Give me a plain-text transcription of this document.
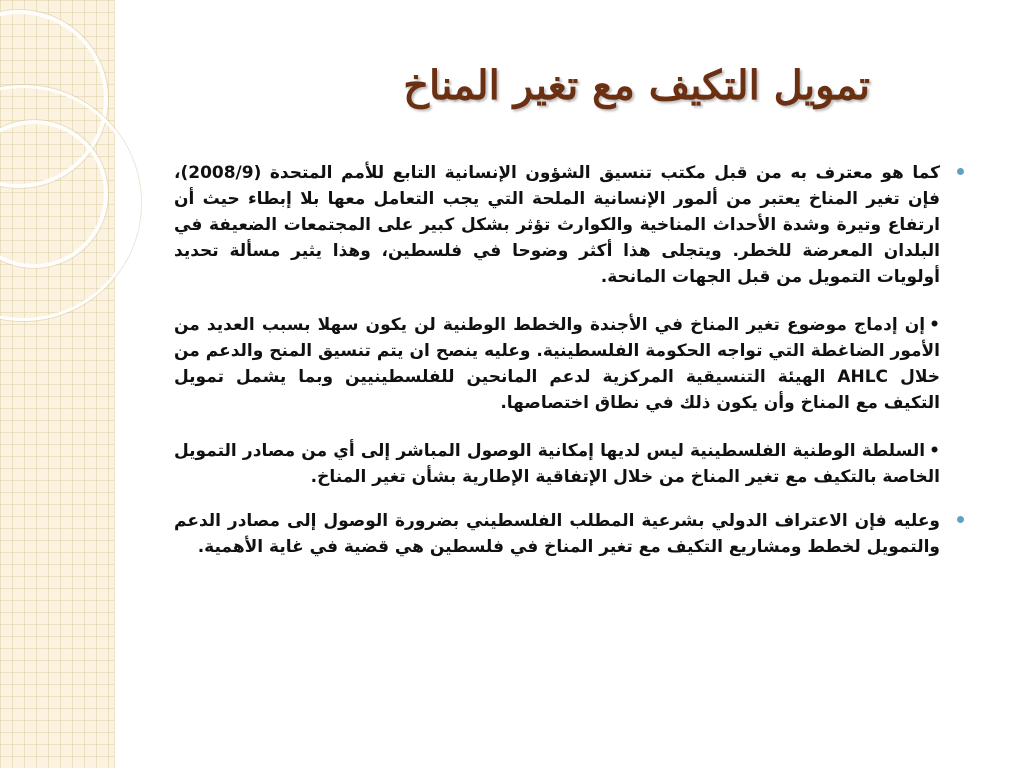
تمويل التكيف مع تغير المناخ

كما هو معترف به من قبل مكتب تنسيق الشؤون الإنسانية التابع للأمم المتحدة (2008/9)، فإن تغير المناخ يعتبر من ألمور الإنسانية الملحة التي يجب التعامل معها بلا إبطاء حيث أن ارتفاع وتيرة وشدة الأحداث المناخية والكوارث تؤثر بشكل كبير على المجتمعات الضعيفة في البلدان المعرضة للخطر. ويتجلى هذا أكثر وضوحا في فلسطين، وهذا يثير مسألة تحديد أولويات التمويل من قبل الجهات المانحة.

•إن إدماج موضوع تغير المناخ في الأجندة والخطط الوطنية لن يكون سهلا بسبب العديد من الأمور الضاغطة التي تواجه الحكومة الفلسطينية. وعليه ينصح ان يتم تنسيق المنح والدعم من خلال AHLC الهيئة التنسيقية المركزية لدعم المانحين للفلسطينيين وبما يشمل تمويل التكيف مع المناخ وأن يكون ذلك في نطاق اختصاصها.

•السلطة الوطنية الفلسطينية ليس لديها إمكانية الوصول المباشر إلى أي من مصادر التمويل الخاصة بالتكيف مع تغير المناخ من خلال الإتفاقية الإطارية بشأن تغير المناخ.

وعليه فإن الاعتراف الدولي بشرعية المطلب الفلسطيني بضرورة الوصول إلى مصادر الدعم والتمويل لخطط ومشاريع التكيف مع تغير المناخ في فلسطين هي قضية في غاية الأهمية.
